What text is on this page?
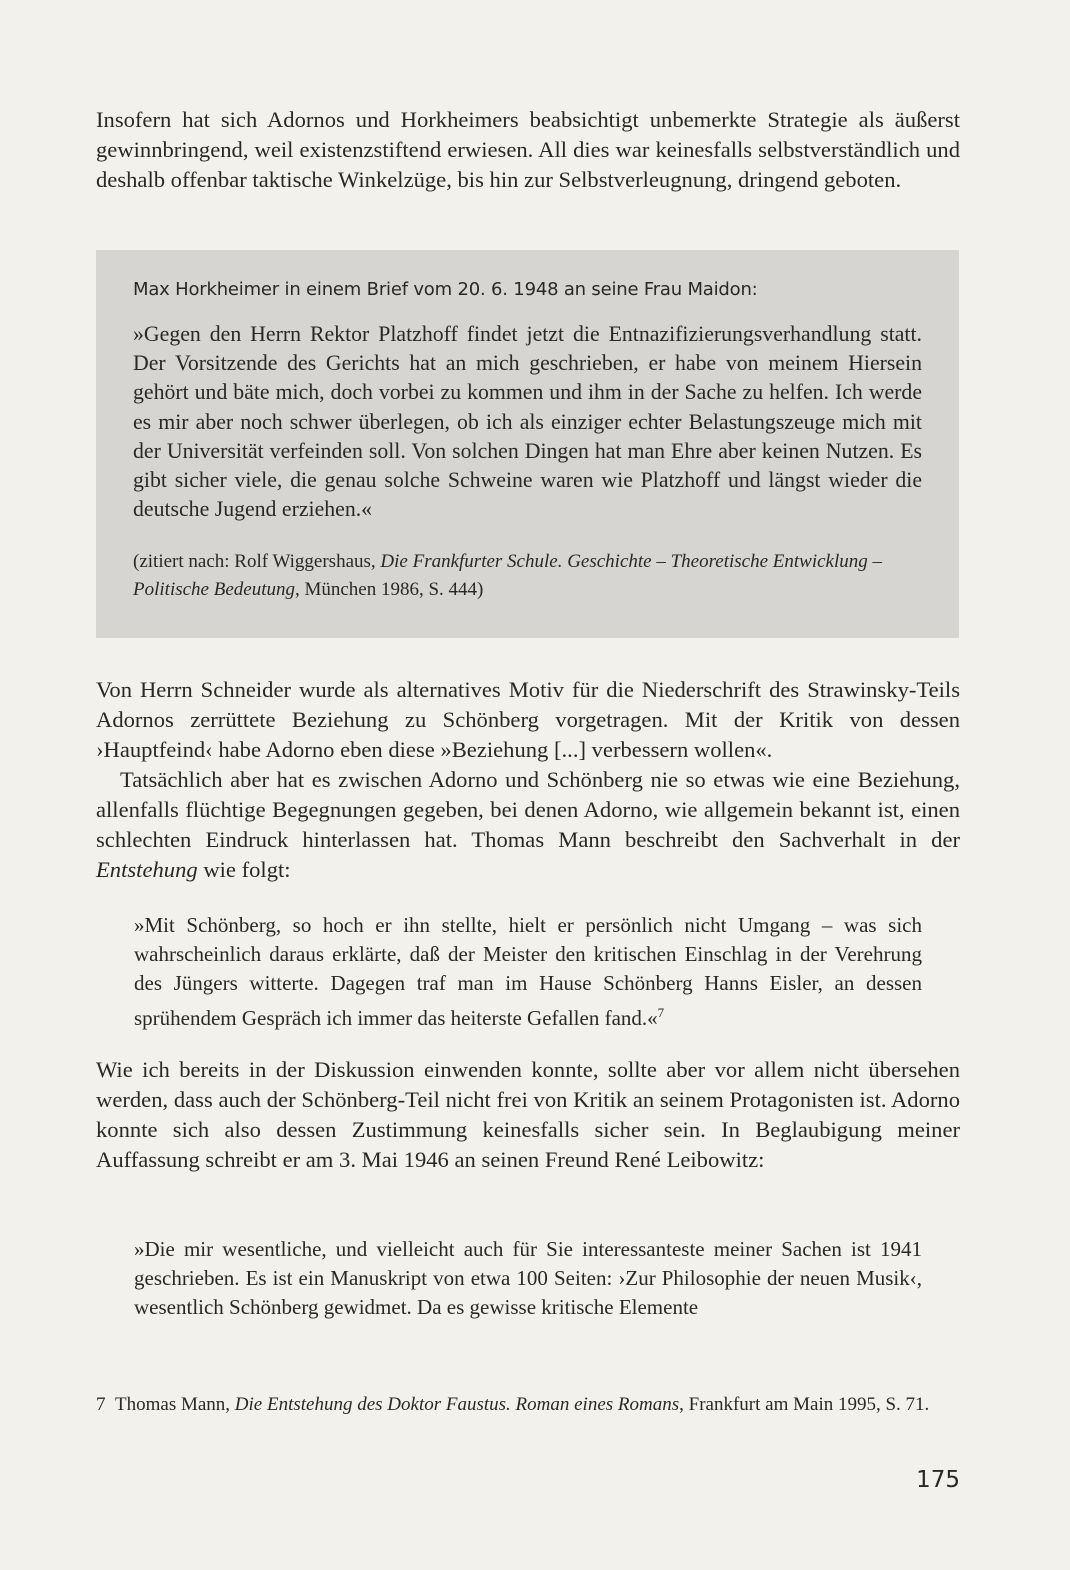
Insofern hat sich Adornos und Horkheimers beabsichtigt unbemerkte Strategie als äußerst gewinnbringend, weil existenzstiftend erwiesen. All dies war keinesfalls selbstverständlich und deshalb offenbar taktische Winkelzüge, bis hin zur Selbstverleugnung, dringend geboten.

Max Horkheimer in einem Brief vom 20. 6. 1948 an seine Frau Maidon:

»Gegen den Herrn Rektor Platzhoff findet jetzt die Entnazifizierungsverhandlung statt. Der Vorsitzende des Gerichts hat an mich geschrieben, er habe von meinem Hiersein gehört und bäte mich, doch vorbei zu kommen und ihm in der Sache zu helfen. Ich werde es mir aber noch schwer überlegen, ob ich als einziger echter Belastungszeuge mich mit der Universität verfeinden soll. Von solchen Dingen hat man Ehre aber keinen Nutzen. Es gibt sicher viele, die genau solche Schweine waren wie Platzhoff und längst wieder die deutsche Jugend erziehen.«

(zitiert nach: Rolf Wiggershaus, Die Frankfurter Schule. Geschichte – Theoretische Entwicklung – Politische Bedeutung, München 1986, S. 444)

Von Herrn Schneider wurde als alternatives Motiv für die Niederschrift des Strawinsky-Teils Adornos zerrüttete Beziehung zu Schönberg vorgetragen. Mit der Kritik von dessen ›Hauptfeind‹ habe Adorno eben diese »Beziehung [...] verbessern wollen«.

Tatsächlich aber hat es zwischen Adorno und Schönberg nie so etwas wie eine Beziehung, allenfalls flüchtige Begegnungen gegeben, bei denen Adorno, wie allgemein bekannt ist, einen schlechten Eindruck hinterlassen hat. Thomas Mann beschreibt den Sachverhalt in der Entstehung wie folgt:

»Mit Schönberg, so hoch er ihn stellte, hielt er persönlich nicht Umgang – was sich wahrscheinlich daraus erklärte, daß der Meister den kritischen Einschlag in der Verehrung des Jüngers witterte. Dagegen traf man im Hause Schönberg Hanns Eisler, an dessen sprühendem Gespräch ich immer das heiterste Gefallen fand.«$^7$

Wie ich bereits in der Diskussion einwenden konnte, sollte aber vor allem nicht übersehen werden, dass auch der Schönberg-Teil nicht frei von Kritik an seinem Protagonisten ist. Adorno konnte sich also dessen Zustimmung keinesfalls sicher sein. In Beglaubigung meiner Auffassung schreibt er am 3. Mai 1946 an seinen Freund René Leibowitz:

»Die mir wesentliche, und vielleicht auch für Sie interessanteste meiner Sachen ist 1941 geschrieben. Es ist ein Manuskript von etwa 100 Seiten: ›Zur Philosophie der neuen Musik‹, wesentlich Schönberg gewidmet. Da es gewisse kritische Elemente

7 Thomas Mann, Die Entstehung des Doktor Faustus. Roman eines Romans, Frankfurt am Main 1995, S. 71.

175
